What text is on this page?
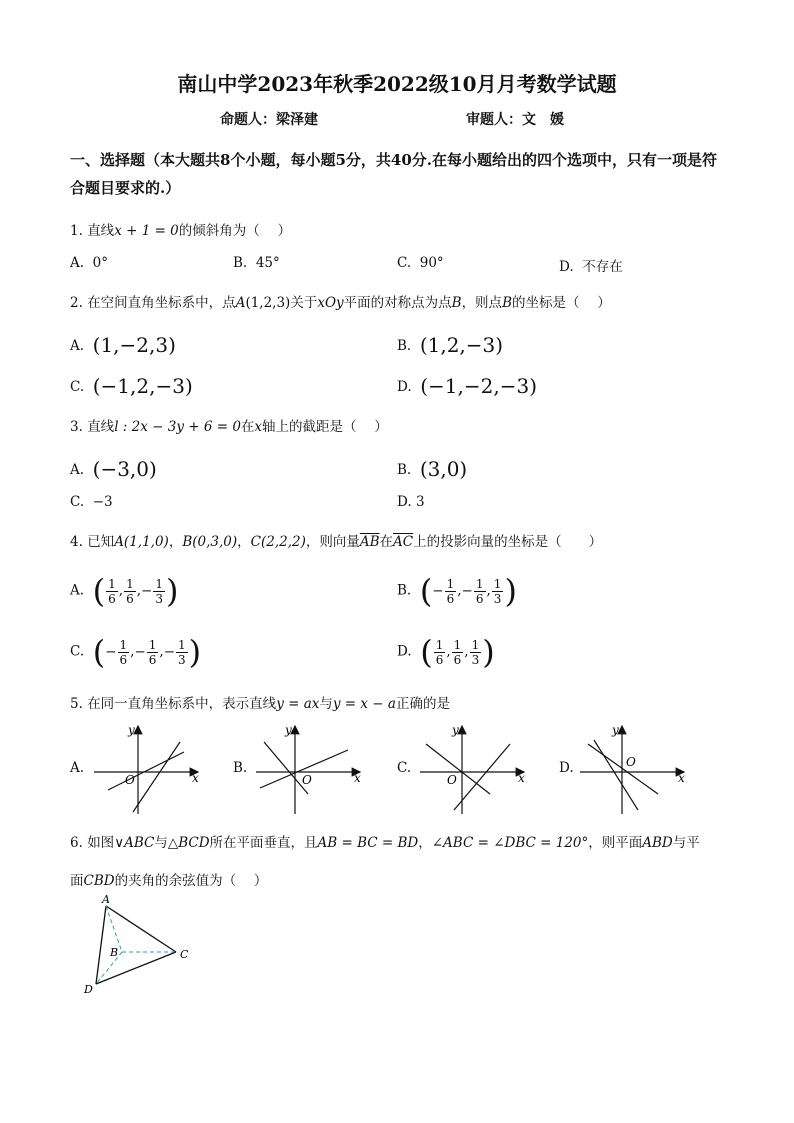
南山中学2023年秋季2022级10月月考数学试题
命题人：梁泽建	审题人：文　媛
一、选择题（本大题共8个小题，每小题5分，共40分.在每小题给出的四个选项中，只有一项是符合题目要求的.）
1. 直线x + 1 = 0的倾斜角为（　 ）
A. 0°	B. 45°	C. 90°	D. 不存在
2. 在空间直角坐标系中，点A(1,2,3)关于xOy平面的对称点为点B，则点B的坐标是（　 ）
A. (1,−2,3)	B. (1,2,−3)
C. (−1,2,−3)	D. (−1,−2,−3)
3. 直线l : 2x − 3y + 6 = 0在x轴上的截距是（　 ）
A. (−3,0)	B. (3,0)
C. −3	D. 3
4. 已知A(1,1,0)，B(0,3,0)，C(2,2,2)，则向量$\overline{AB}$在$\overline{AC}$上的投影向量的坐标是（　　）
A. ( $\frac{1}{6}$ , $\frac{1}{6}$ ,− $\frac{1}{3}$ )	B. (− $\frac{1}{6}$ ,− $\frac{1}{6}$ , $\frac{1}{3}$ )
C. (− $\frac{1}{6}$ ,− $\frac{1}{6}$ ,− $\frac{1}{3}$ )	D. ( $\frac{1}{6}$ , $\frac{1}{6}$ , $\frac{1}{3}$ )
5. 在同一直角坐标系中，表示直线y = ax与y = x − a正确的是
A.
x
y
O
B.
x
y
O
C.
x
y
O
D.
x
y
O
6. 如图∨ABC与△BCD所在平面垂直，且AB = BC = BD，∠ABC = ∠DBC = 120°，则平面ABD与平
面CBD的夹角的余弦值为（　 ）
A
B	C
D
